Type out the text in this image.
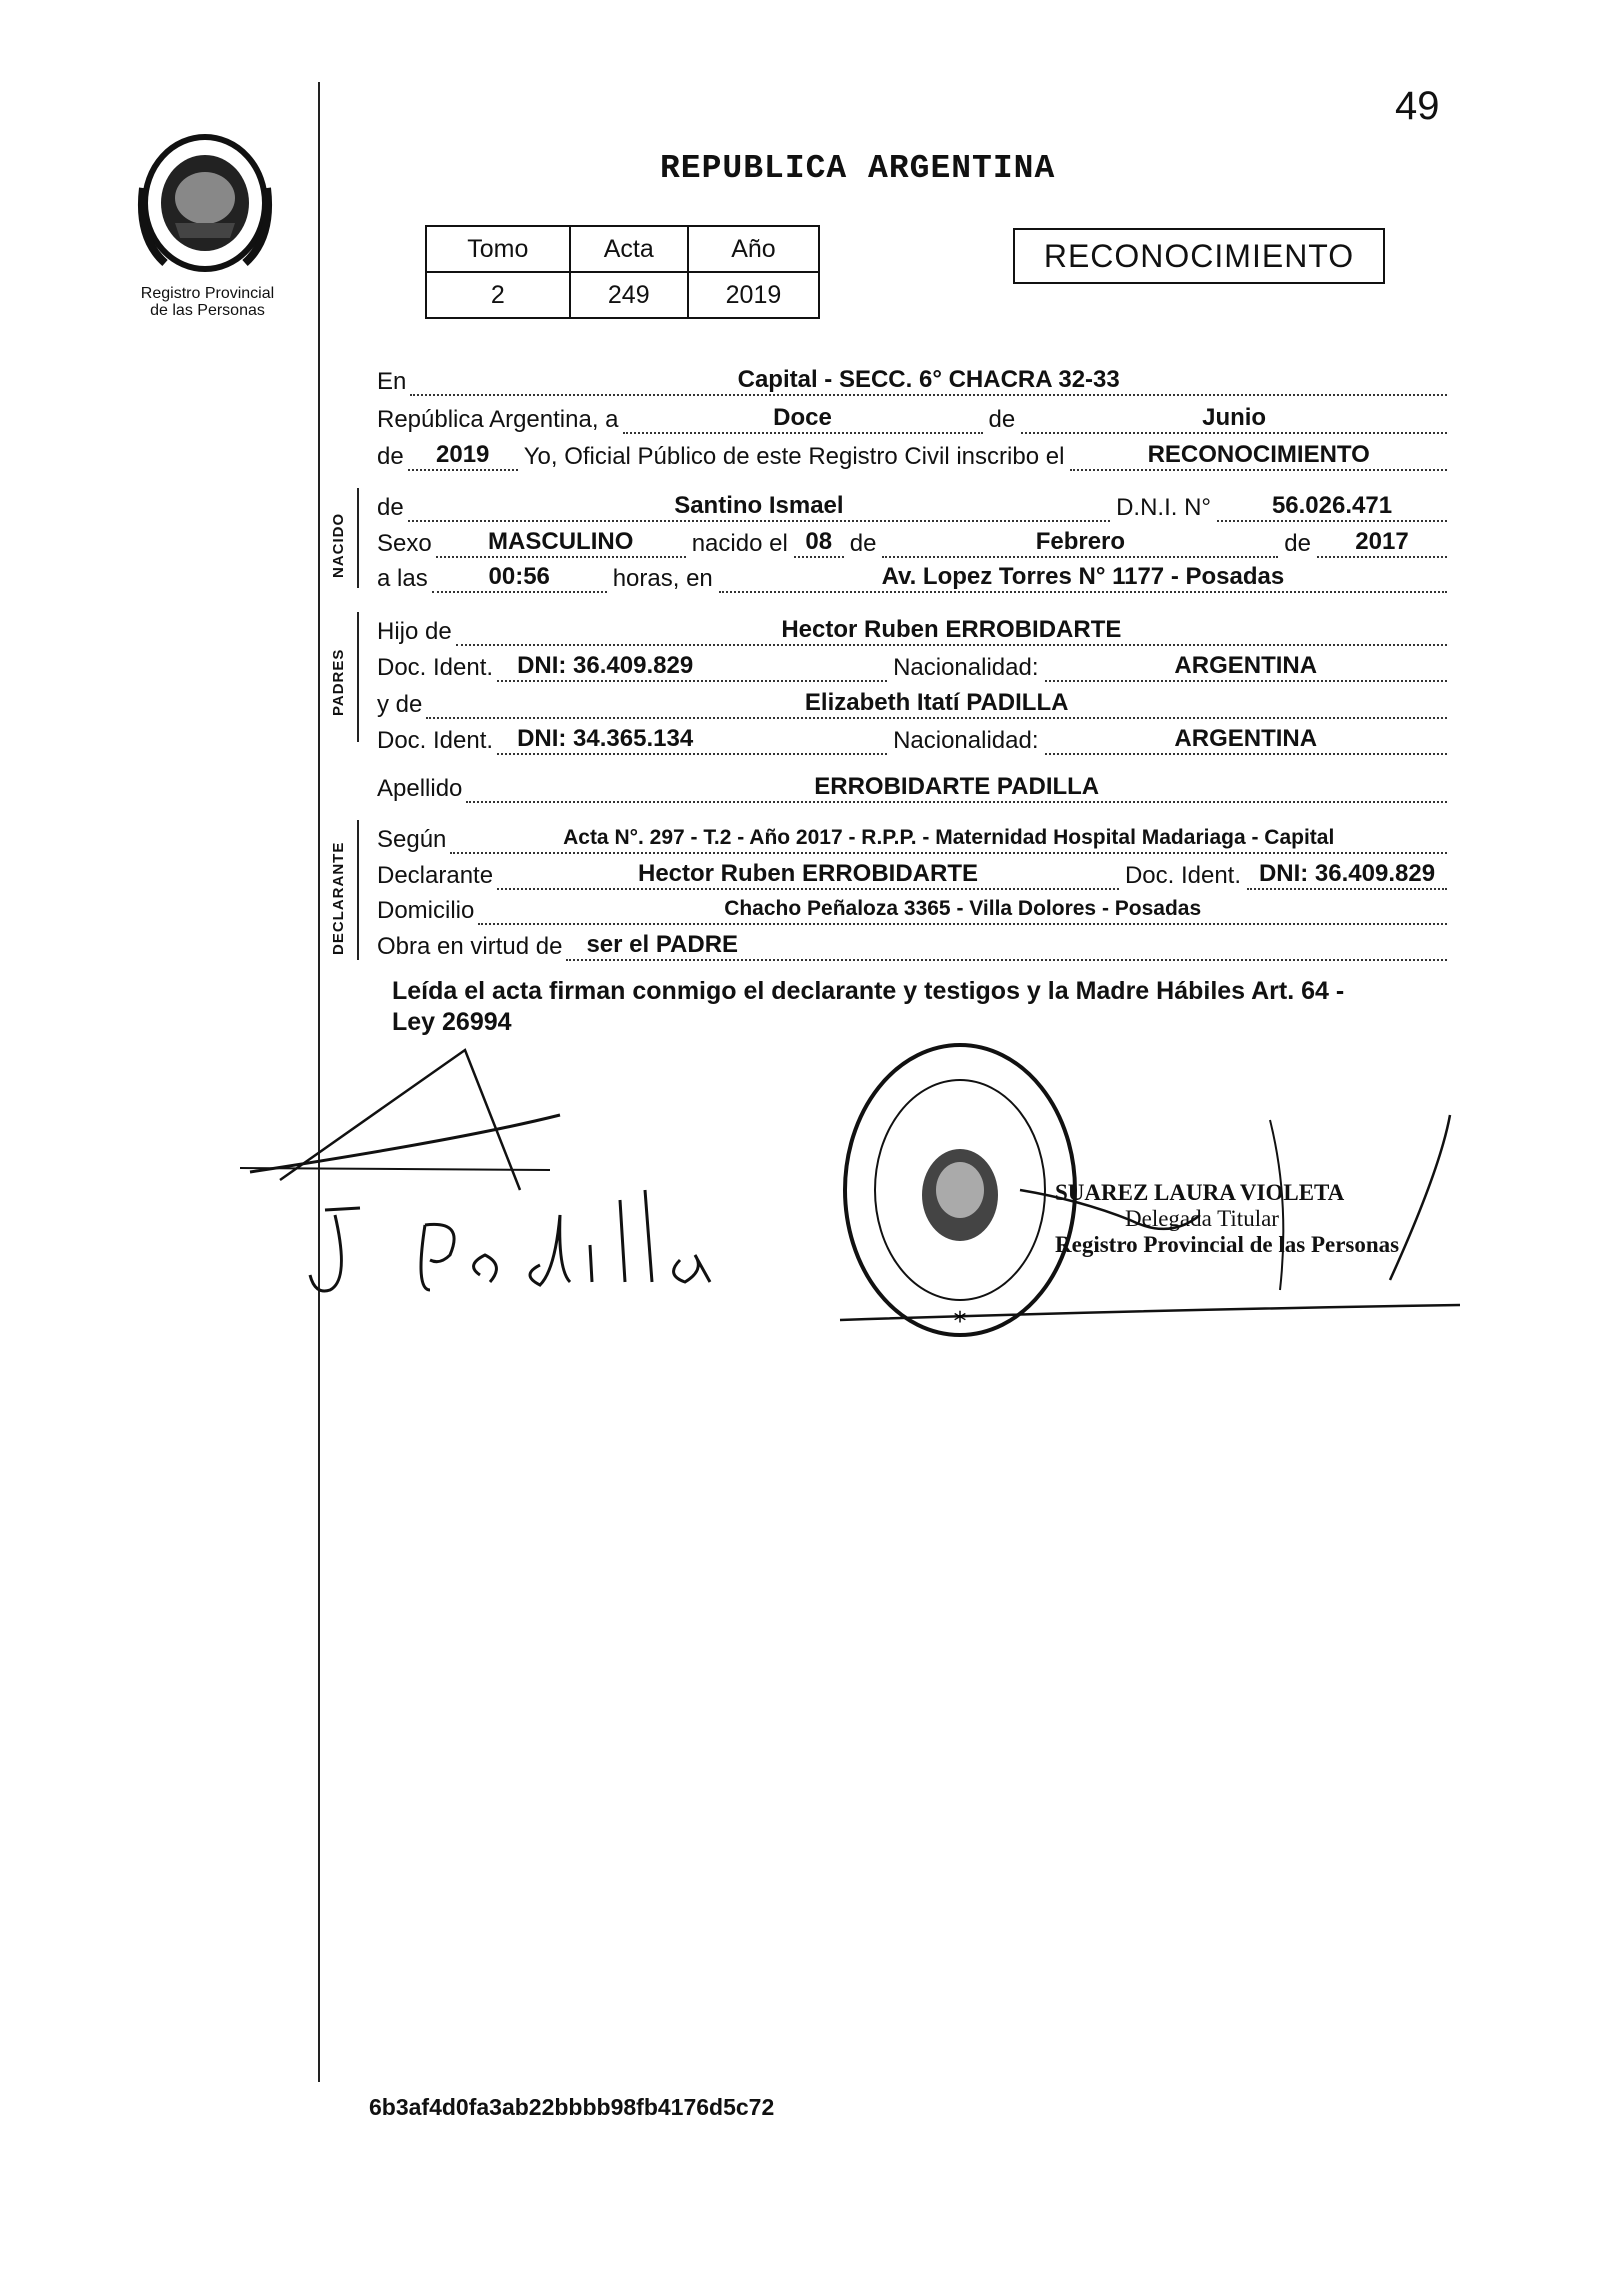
49
REPUBLICA ARGENTINA
Registro Provincial
de las Personas
NACIDO
PADRES
DECLARANTE
Tomo	Acta	Año
2	249	2019
RECONOCIMIENTO
En	Capital - SECC. 6° CHACRA 32-33
República Argentina, a	Doce	de	Junio
de	2019	Yo, Oficial Público de este Registro Civil inscribo el	RECONOCIMIENTO
de	Santino Ismael	D.N.I. N°	56.026.471
Sexo	MASCULINO	nacido el 08 de	Febrero	de	2017
a las	00:56	horas, en	Av. Lopez Torres N° 1177 - Posadas
Hijo de	Hector Ruben ERROBIDARTE
Doc. Ident.	DNI: 36.409.829	Nacionalidad:	ARGENTINA
y de	Elizabeth Itatí PADILLA
Doc. Ident.	DNI: 34.365.134	Nacionalidad:	ARGENTINA
Apellido	ERROBIDARTE PADILLA
Según	Acta N°. 297 - T.2 - Año 2017 - R.P.P. - Maternidad Hospital Madariaga - Capital
Declarante	Hector Ruben ERROBIDARTE	Doc. Ident. DNI: 36.409.829
Domicilio	Chacho Peñaloza 3365 - Villa Dolores - Posadas
Obra en virtud de	ser el PADRE
Leída el acta firman conmigo el declarante y testigos y la Madre Hábiles Art. 64 -
Ley 26994
*
SUAREZ LAURA VIOLETA
Delegada Titular
Registro Provincial de las Personas
6b3af4d0fa3ab22bbbb98fb4176d5c72
